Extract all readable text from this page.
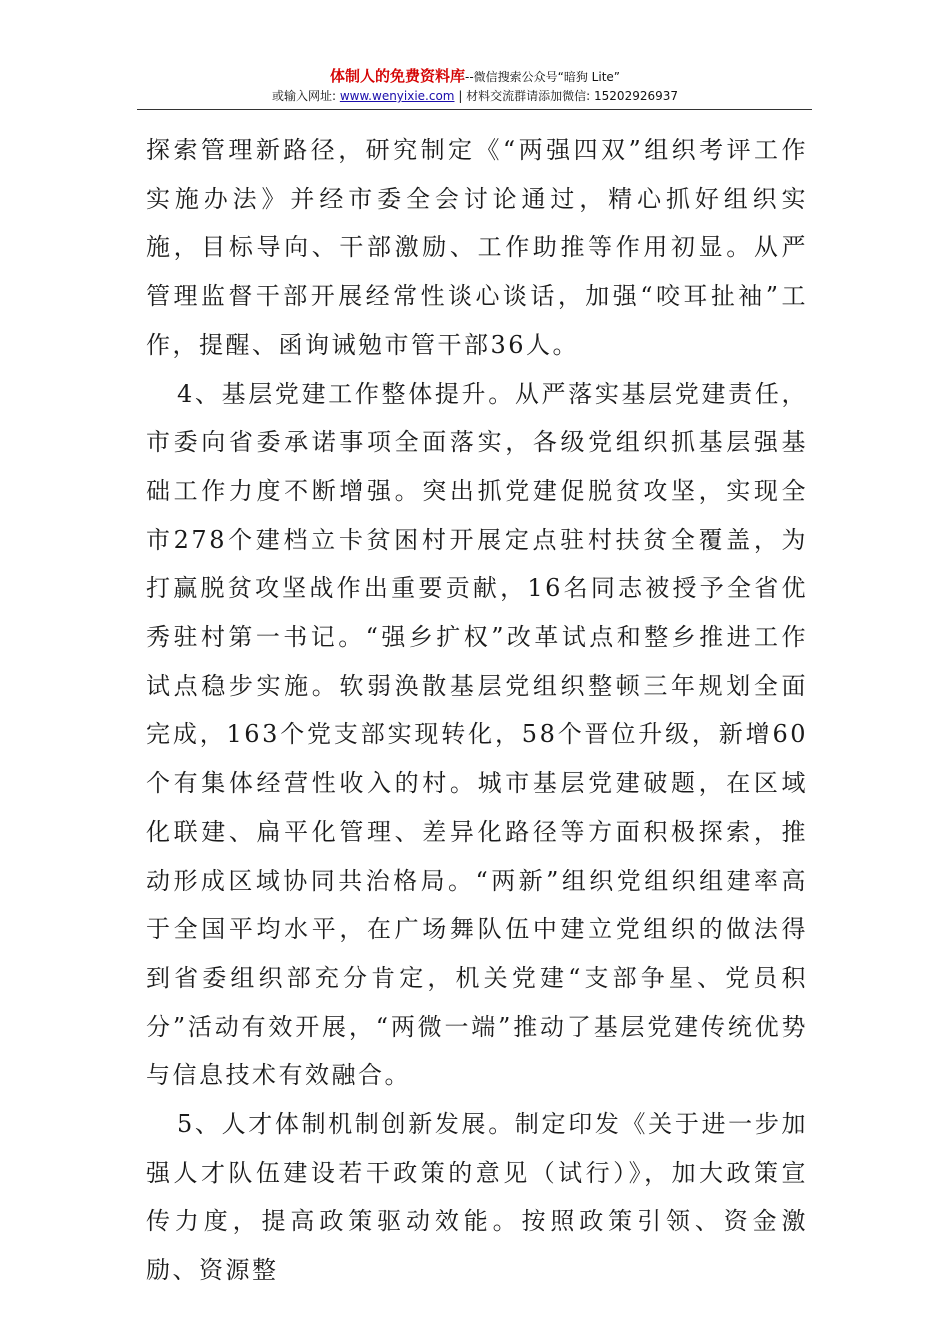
体制人的免费资料库--微信搜索公众号“暗狗 Lite”
或输入网址: www.wenyixie.com | 材料交流群请添加微信: 15202926937

探索管理新路径，研究制定《“两强四双”组织考评工作实施办法》并经市委全会讨论通过，精心抓好组织实施，目标导向、干部激励、工作助推等作用初显。从严管理监督干部开展经常性谈心谈话，加强“咬耳扯袖”工作，提醒、函询诫勉市管干部36人。

4、基层党建工作整体提升。从严落实基层党建责任，市委向省委承诺事项全面落实，各级党组织抓基层强基础工作力度不断增强。突出抓党建促脱贫攻坚，实现全市278个建档立卡贫困村开展定点驻村扶贫全覆盖，为打赢脱贫攻坚战作出重要贡献，16名同志被授予全省优秀驻村第一书记。“强乡扩权”改革试点和整乡推进工作试点稳步实施。软弱涣散基层党组织整顿三年规划全面完成，163个党支部实现转化，58个晋位升级，新增60个有集体经营性收入的村。城市基层党建破题，在区域化联建、扁平化管理、差异化路径等方面积极探索，推动形成区域协同共治格局。“两新”组织党组织组建率高于全国平均水平，在广场舞队伍中建立党组织的做法得到省委组织部充分肯定，机关党建“支部争星、党员积分”活动有效开展，“两微一端”推动了基层党建传统优势与信息技术有效融合。

5、人才体制机制创新发展。制定印发《关于进一步加强人才队伍建设若干政策的意见（试行）》，加大政策宣传力度，提高政策驱动效能。按照政策引领、资金激励、资源整
